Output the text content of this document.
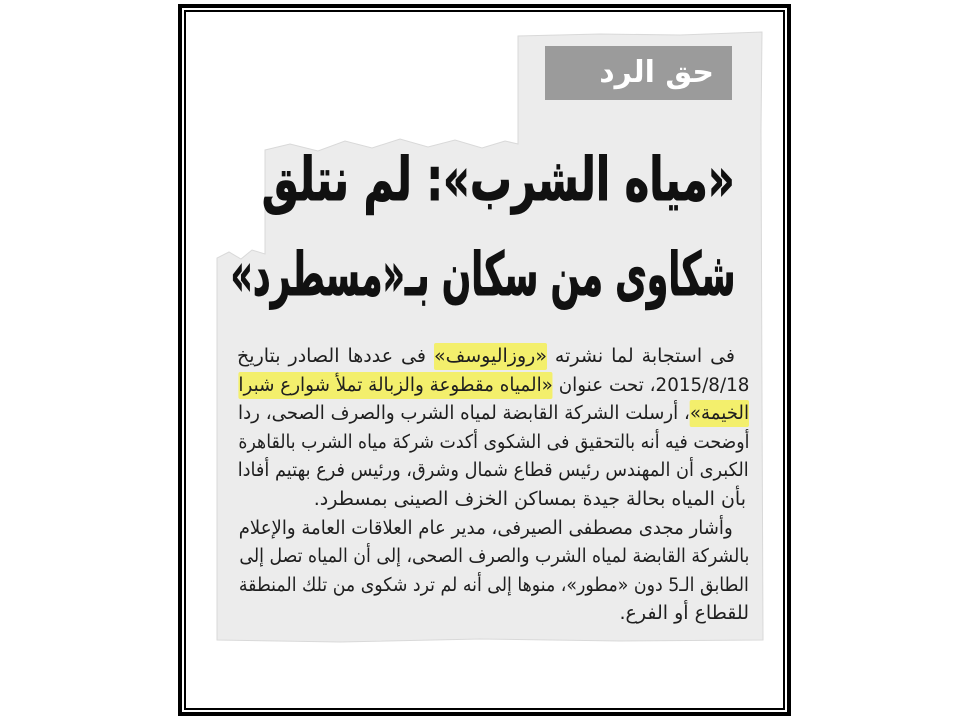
حق الرد
«مياه الشرب»: لم نتلق
شكاوى من سكان بـ«مسطرد»
فى استجابة لما نشرته «روزاليوسف» فى عددها الصادر بتاريخ
2015/8/18، تحت عنوان «المياه مقطوعة والزبالة تملأ شوارع شبرا
الخيمة»، أرسلت الشركة القابضة لمياه الشرب والصرف الصحى، ردا
أوضحت فيه أنه بالتحقيق فى الشكوى أكدت شركة مياه الشرب بالقاهرة
الكبرى أن المهندس رئيس قطاع شمال وشرق، ورئيس فرع بهتيم أفادا
بأن المياه بحالة جيدة بمساكن الخزف الصينى بمسطرد.
وأشار مجدى مصطفى الصيرفى، مدير عام العلاقات العامة والإعلام
بالشركة القابضة لمياه الشرب والصرف الصحى، إلى أن المياه تصل إلى
الطابق الـ5 دون «مطور»، منوها إلى أنه لم ترد شكوى من تلك المنطقة
للقطاع أو الفرع.
